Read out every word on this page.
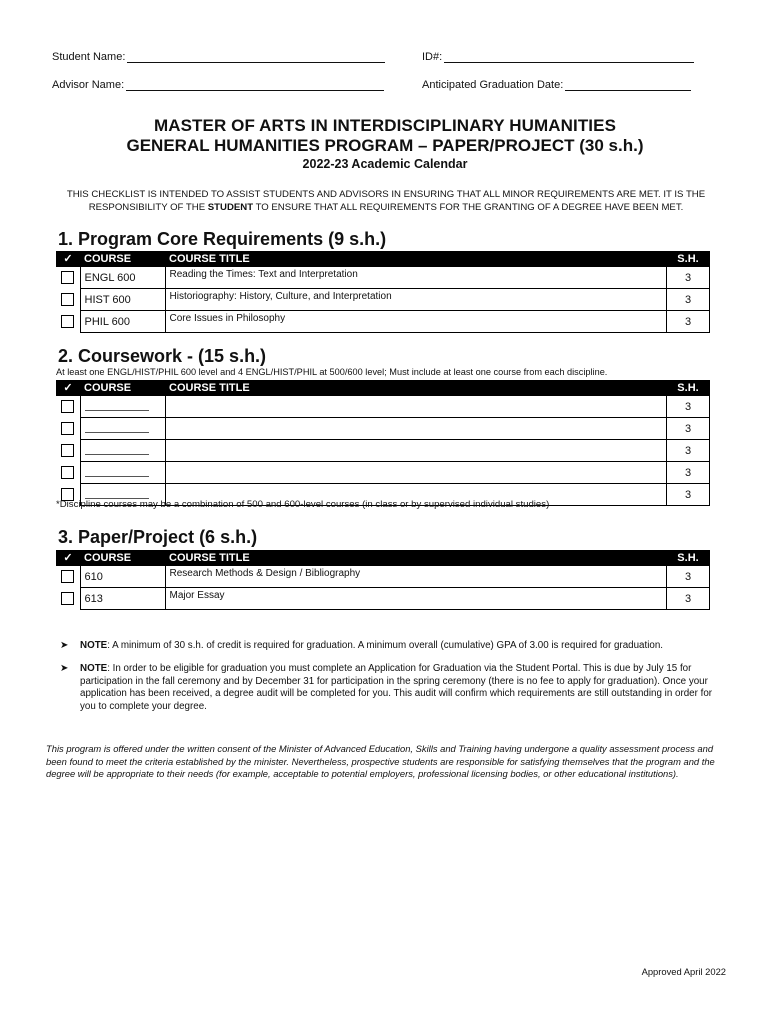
Student Name:	ID#:
Advisor Name:	Anticipated Graduation Date:
MASTER OF ARTS IN INTERDISCIPLINARY HUMANITIES
GENERAL HUMANITIES PROGRAM – PAPER/PROJECT (30 s.h.)
2022-23 Academic Calendar
THIS CHECKLIST IS INTENDED TO ASSIST STUDENTS AND ADVISORS IN ENSURING THAT ALL MINOR REQUIREMENTS ARE MET. IT IS THE RESPONSIBILITY OF THE STUDENT TO ENSURE THAT ALL REQUIREMENTS FOR THE GRANTING OF A DEGREE HAVE BEEN MET.
1. Program Core Requirements (9 s.h.)
✓	COURSE	COURSE TITLE	S.H.
	ENGL 600	Reading the Times: Text and Interpretation	3
	HIST 600	Historiography: History, Culture, and Interpretation	3
	PHIL 600	Core Issues in Philosophy	3
2. Coursework - (15 s.h.)
At least one ENGL/HIST/PHIL 600 level and 4 ENGL/HIST/PHIL at 500/600 level; Must include at least one course from each discipline.
✓	COURSE	COURSE TITLE	S.H.
			3
			3
			3
			3
			3
*Discipline courses may be a combination of 500 and 600-level courses (in class or by supervised individual studies)
3. Paper/Project (6 s.h.)
✓	COURSE	COURSE TITLE	S.H.
	610	Research Methods & Design / Bibliography	3
	613	Major Essay	3
➤	NOTE: A minimum of 30 s.h. of credit is required for graduation. A minimum overall (cumulative) GPA of 3.00 is required for graduation.
➤	NOTE: In order to be eligible for graduation you must complete an Application for Graduation via the Student Portal. This is due by July 15 for participation in the fall ceremony and by December 31 for participation in the spring ceremony (there is no fee to apply for graduation). Once your application has been received, a degree audit will be completed for you. This audit will confirm which requirements are still outstanding in order for you to complete your degree.
This program is offered under the written consent of the Minister of Advanced Education, Skills and Training having undergone a quality assessment process and been found to meet the criteria established by the minister. Nevertheless, prospective students are responsible for satisfying themselves that the program and the degree will be appropriate to their needs (for example, acceptable to potential employers, professional licensing bodies, or other educational institutions).
Approved April 2022
